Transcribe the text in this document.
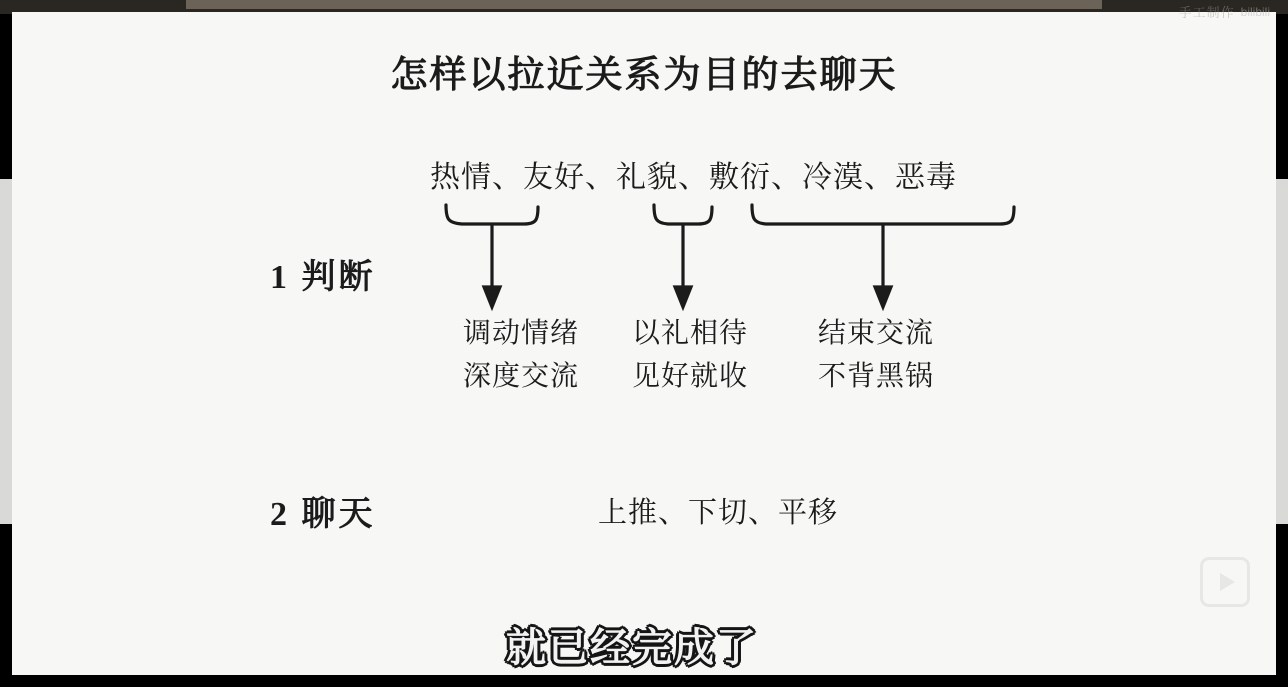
怎样以拉近关系为目的去聊天
热情、友好、礼貌、敷衍、冷漠、恶毒
1 判断
2 聊天
调动情绪
深度交流
以礼相待
见好就收
结束交流
不背黑锅
上推、下切、平移
手工制作 bilibili
就已经完成了
